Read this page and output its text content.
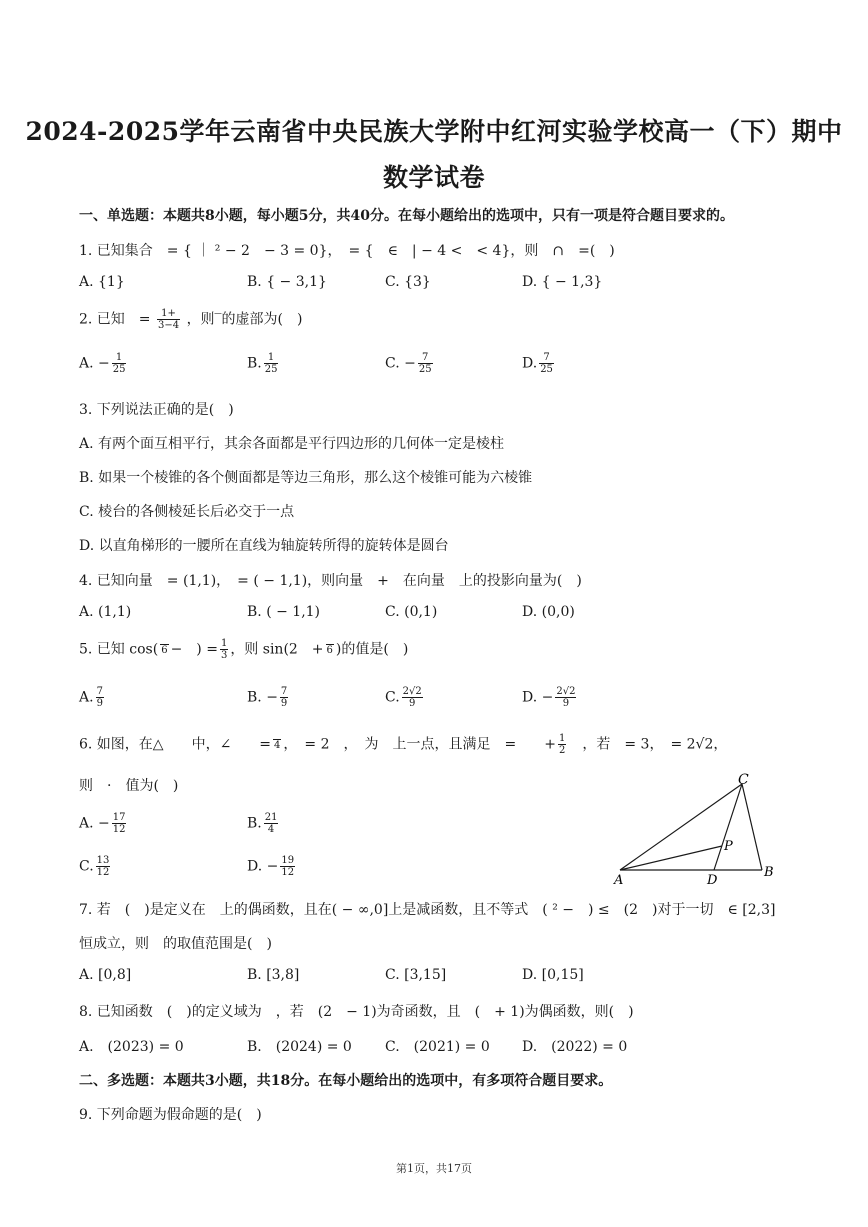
2024-2025学年云南省中央民族大学附中红河实验学校高一（下）期中
数学试卷
一、单选题：本题共8小题，每小题5分，共40分。在每小题给出的选项中，只有一项是符合题目要求的。
1. 已知集合　= { ｜ ² − 2　− 3 = 0}，　= {　∈　| − 4 <　< 4}，则　∩　=(　)
A. {1}	B. { − 3,1}	C. {3}	D. { − 1,3}
2. 已知　= $\frac{1+}{3-4}$ ，则‾的虚部为(　)
A. − $\frac{1}{25}$	B. $\frac{1}{25}$	C. − $\frac{7}{25}$	D. $\frac{7}{25}$
3. 下列说法正确的是(　)
A. 有两个面互相平行，其余各面都是平行四边形的几何体一定是棱柱
B. 如果一个棱锥的各个侧面都是等边三角形，那么这个棱锥可能为六棱锥
C. 棱台的各侧棱延长后必交于一点
D. 以直角梯形的一腰所在直线为轴旋转所得的旋转体是圆台
4. 已知向量　= (1,1)，　= ( − 1,1)，则向量　+　在向量　上的投影向量为(　)
A. (1,1)	B. ( − 1,1)	C. (0,1)	D. (0,0)
5. 已知 cos( 6 −　) = $\frac{1}{3}$ ，则 sin(2　+ 6 )的值是(　)
A. $\frac{7}{9}$	B. − $\frac{7}{9}$	C. $\frac{2√2}{9}$	D. − $\frac{2√2}{9}$
6. 如图，在△　　中，∠　　= 4 ，　= 2　，　为　上一点，且满足　=　　+ $\frac{1}{2}$ 　，若　= 3，　= 2√2，
则　·　值为(　)
A. − $\frac{17}{12}$	B. $\frac{21}{4}$
C. $\frac{13}{12}$	D. − $\frac{19}{12}$
C
P
A	D
B
7. 若　(　)是定义在　上的偶函数，且在( − ∞,0]上是减函数，且不等式　( ² −　) ≤　(2　)对于一切　∈ [2,3]
恒成立，则　的取值范围是(　)
A. [0,8]	B. [3,8]	C. [3,15]	D. [0,15]
8. 已知函数　(　)的定义域为　，若　(2　− 1)为奇函数，且　(　+ 1)为偶函数，则(　)
A.　(2023) = 0	B.　(2024) = 0 C.　(2021) = 0 D.　(2022) = 0
二、多选题：本题共3小题，共18分。在每小题给出的选项中，有多项符合题目要求。
9. 下列命题为假命题的是(　)
第1页，共17页
